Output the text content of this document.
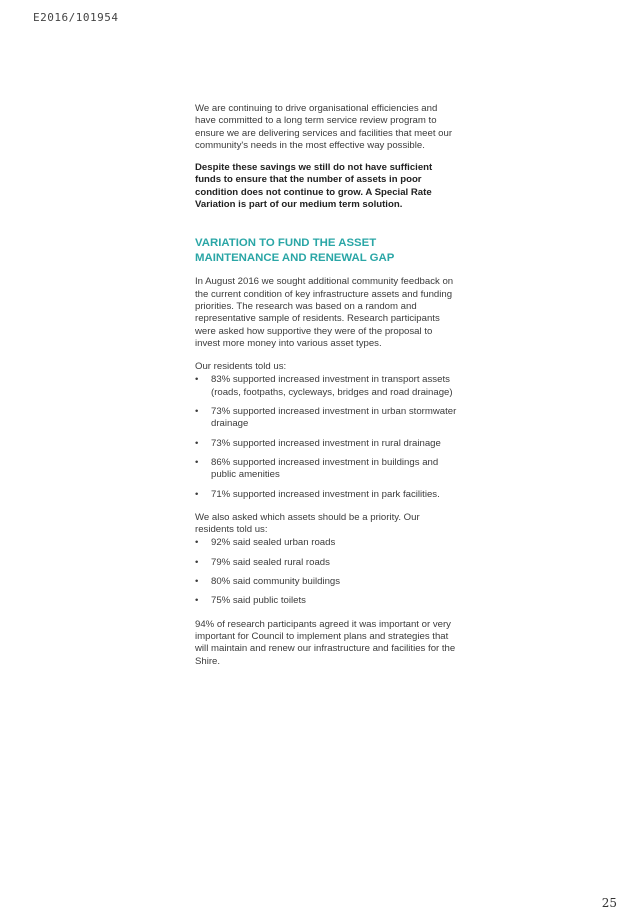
E2016/101954

We are continuing to drive organisational efficiencies and have committed to a long term service review program to ensure we are delivering services and facilities that meet our community's needs in the most effective way possible.

Despite these savings we still do not have sufficient funds to ensure that the number of assets in poor condition does not continue to grow. A Special Rate Variation is part of our medium term solution.

VARIATION TO FUND THE ASSET MAINTENANCE AND RENEWAL GAP

In August 2016 we sought additional community feedback on the current condition of key infrastructure assets and funding priorities. The research was based on a random and representative sample of residents. Research participants were asked how supportive they were of the proposal to invest more money into various asset types.

Our residents told us:

• 83% supported increased investment in transport assets (roads, footpaths, cycleways, bridges and road drainage)
• 73% supported increased investment in urban stormwater drainage
• 73% supported increased investment in rural drainage
• 86% supported increased investment in buildings and public amenities
• 71% supported increased investment in park facilities.

We also asked which assets should be a priority. Our residents told us:

• 92% said sealed urban roads
• 79% said sealed rural roads
• 80% said community buildings
• 75% said public toilets

94% of research participants agreed it was important or very important for Council to implement plans and strategies that will maintain and renew our infrastructure and facilities for the Shire.

25
